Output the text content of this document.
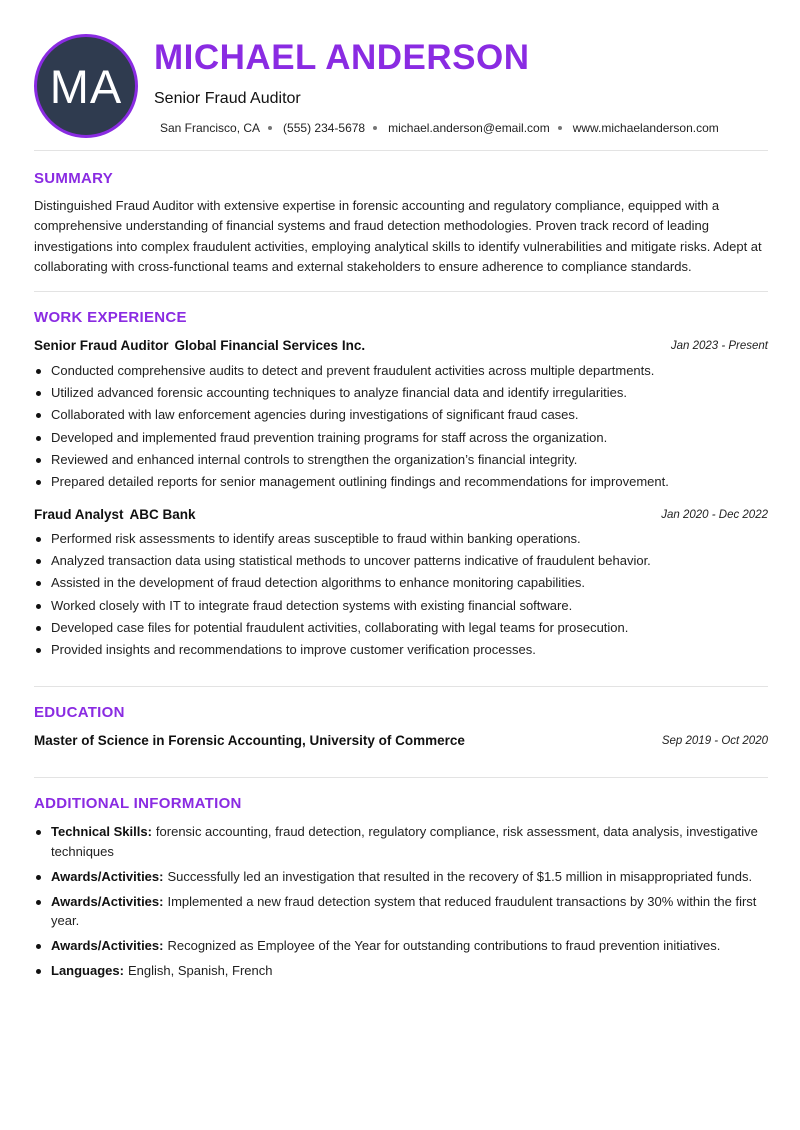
MA
MICHAEL ANDERSON
Senior Fraud Auditor
San Francisco, CA (555) 234-5678 michael.anderson@email.com www.michaelanderson.com
SUMMARY
Distinguished Fraud Auditor with extensive expertise in forensic accounting and regulatory compliance, equipped with a comprehensive understanding of financial systems and fraud detection methodologies. Proven track record of leading investigations into complex fraudulent activities, employing analytical skills to identify vulnerabilities and mitigate risks. Adept at collaborating with cross-functional teams and external stakeholders to ensure adherence to compliance standards.
WORK EXPERIENCE
Senior Fraud Auditor Global Financial Services Inc.	Jan 2023 - Present
Conducted comprehensive audits to detect and prevent fraudulent activities across multiple departments.
Utilized advanced forensic accounting techniques to analyze financial data and identify irregularities.
Collaborated with law enforcement agencies during investigations of significant fraud cases.
Developed and implemented fraud prevention training programs for staff across the organization.
Reviewed and enhanced internal controls to strengthen the organization’s financial integrity.
Prepared detailed reports for senior management outlining findings and recommendations for improvement.
Fraud Analyst ABC Bank	Jan 2020 - Dec 2022
Performed risk assessments to identify areas susceptible to fraud within banking operations.
Analyzed transaction data using statistical methods to uncover patterns indicative of fraudulent behavior.
Assisted in the development of fraud detection algorithms to enhance monitoring capabilities.
Worked closely with IT to integrate fraud detection systems with existing financial software.
Developed case files for potential fraudulent activities, collaborating with legal teams for prosecution.
Provided insights and recommendations to improve customer verification processes.
EDUCATION
Master of Science in Forensic Accounting, University of Commerce	Sep 2019 - Oct 2020
ADDITIONAL INFORMATION
Technical Skills: forensic accounting, fraud detection, regulatory compliance, risk assessment, data analysis, investigative techniques
Awards/Activities: Successfully led an investigation that resulted in the recovery of $1.5 million in misappropriated funds.
Awards/Activities: Implemented a new fraud detection system that reduced fraudulent transactions by 30% within the first year.
Awards/Activities: Recognized as Employee of the Year for outstanding contributions to fraud prevention initiatives.
Languages: English, Spanish, French
